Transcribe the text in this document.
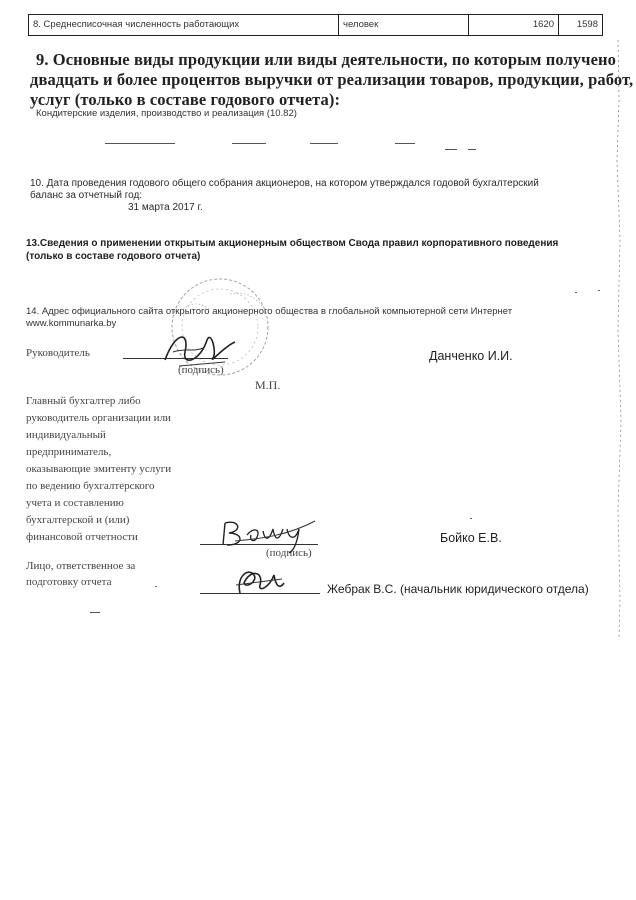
8. Среднесписочная численность работающих	человек	1620	1598
9. Основные виды продукции или виды деятельности, по которым получено
двадцать и более процентов выручки от реализации товаров, продукции, работ,
услуг (только в составе годового отчета):
Кондитерские изделия, производство и реализация (10.82)
10. Дата проведения годового общего собрания акционеров, на котором утверждался годовой бухгалтерский
баланс за отчетный год:
31 марта 2017 г.
13.Сведения о применении открытым акционерным обществом Свода правил корпоративного поведения
(только в составе годового отчета)
14. Адрес официального сайта открытого акционерного общества в глобальной компьютерной сети Интернет
www.kommunarka.by
Руководитель	Данченко И.И.
(подпись)
М.П.
Главный бухгалтер либо
руководитель организации или
индивидуальный
предприниматель,
оказывающие эмитенту услуги
по ведению бухгалтерского
учета и составлению
бухгалтерской и (или)
финансовой отчетности	Бойко Е.В.
(подпись)
Лицо, ответственное за
подготовку отчета	Жебрак В.С. (начальник юридического отдела)
